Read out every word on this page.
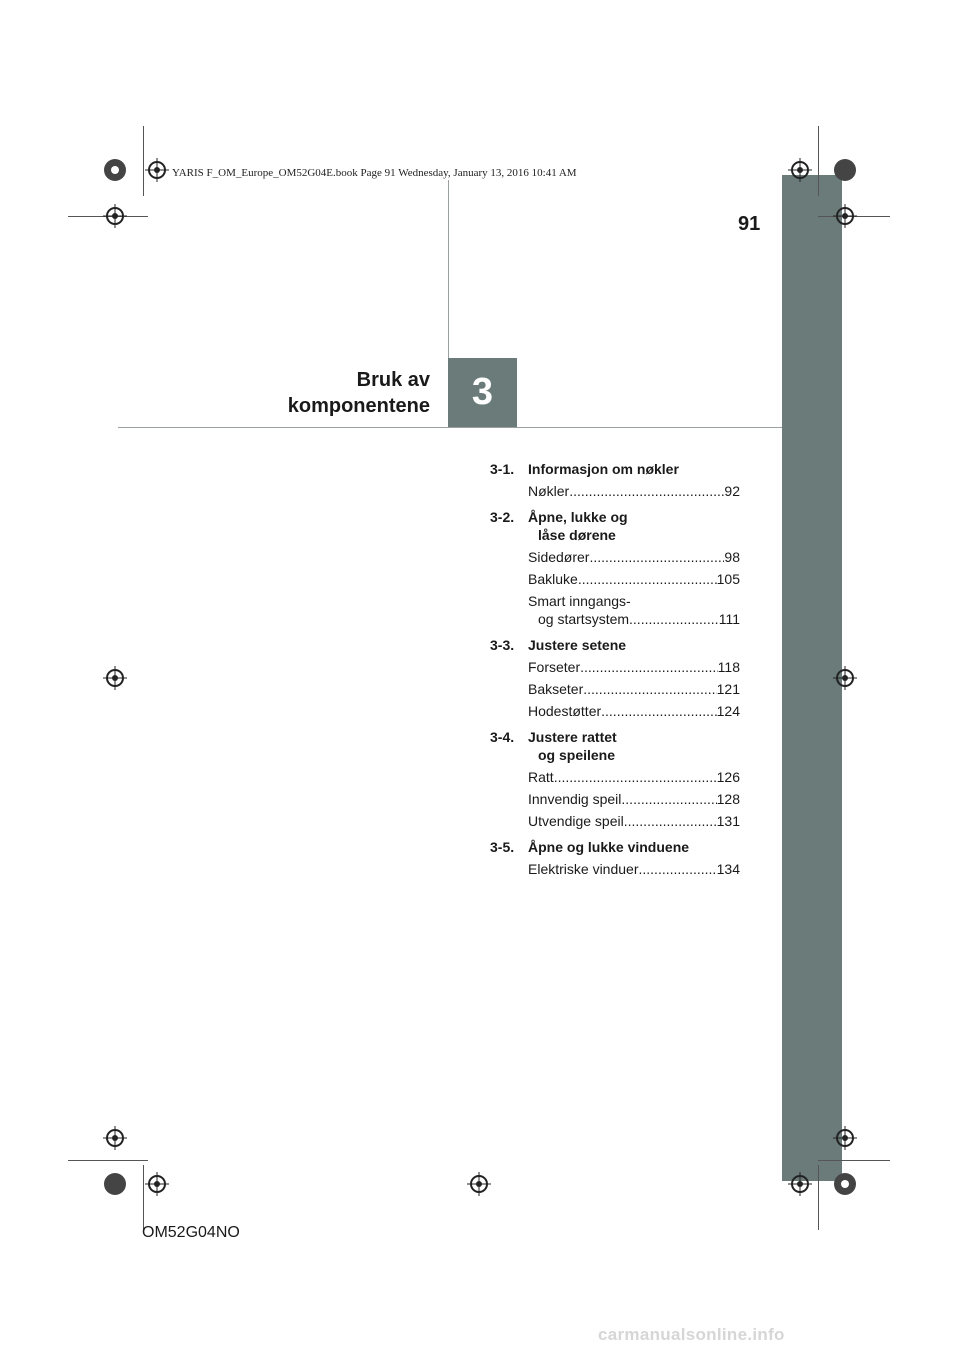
YARIS F_OM_Europe_OM52G04E.book Page 91 Wednesday, January 13, 2016 10:41 AM
91
Bruk av
komponentene	3
3-1. Informasjon om nøkler
Nøkler .....	92
3-2. Åpne, lukke og
låse dørene
Sidedører .....	98
Bakluke .....	105
Smart inngangs-
og startsystem .....	111
3-3. Justere setene
Forseter .....	118
Bakseter .....	121
Hodestøtter .....	124
3-4. Justere rattet
og speilene
Ratt .....	126
Innvendig speil .....	128
Utvendige speil .....	131
3-5. Åpne og lukke vinduene
Elektriske vinduer .....	134
OM52G04NO
carmanualsonline.info
